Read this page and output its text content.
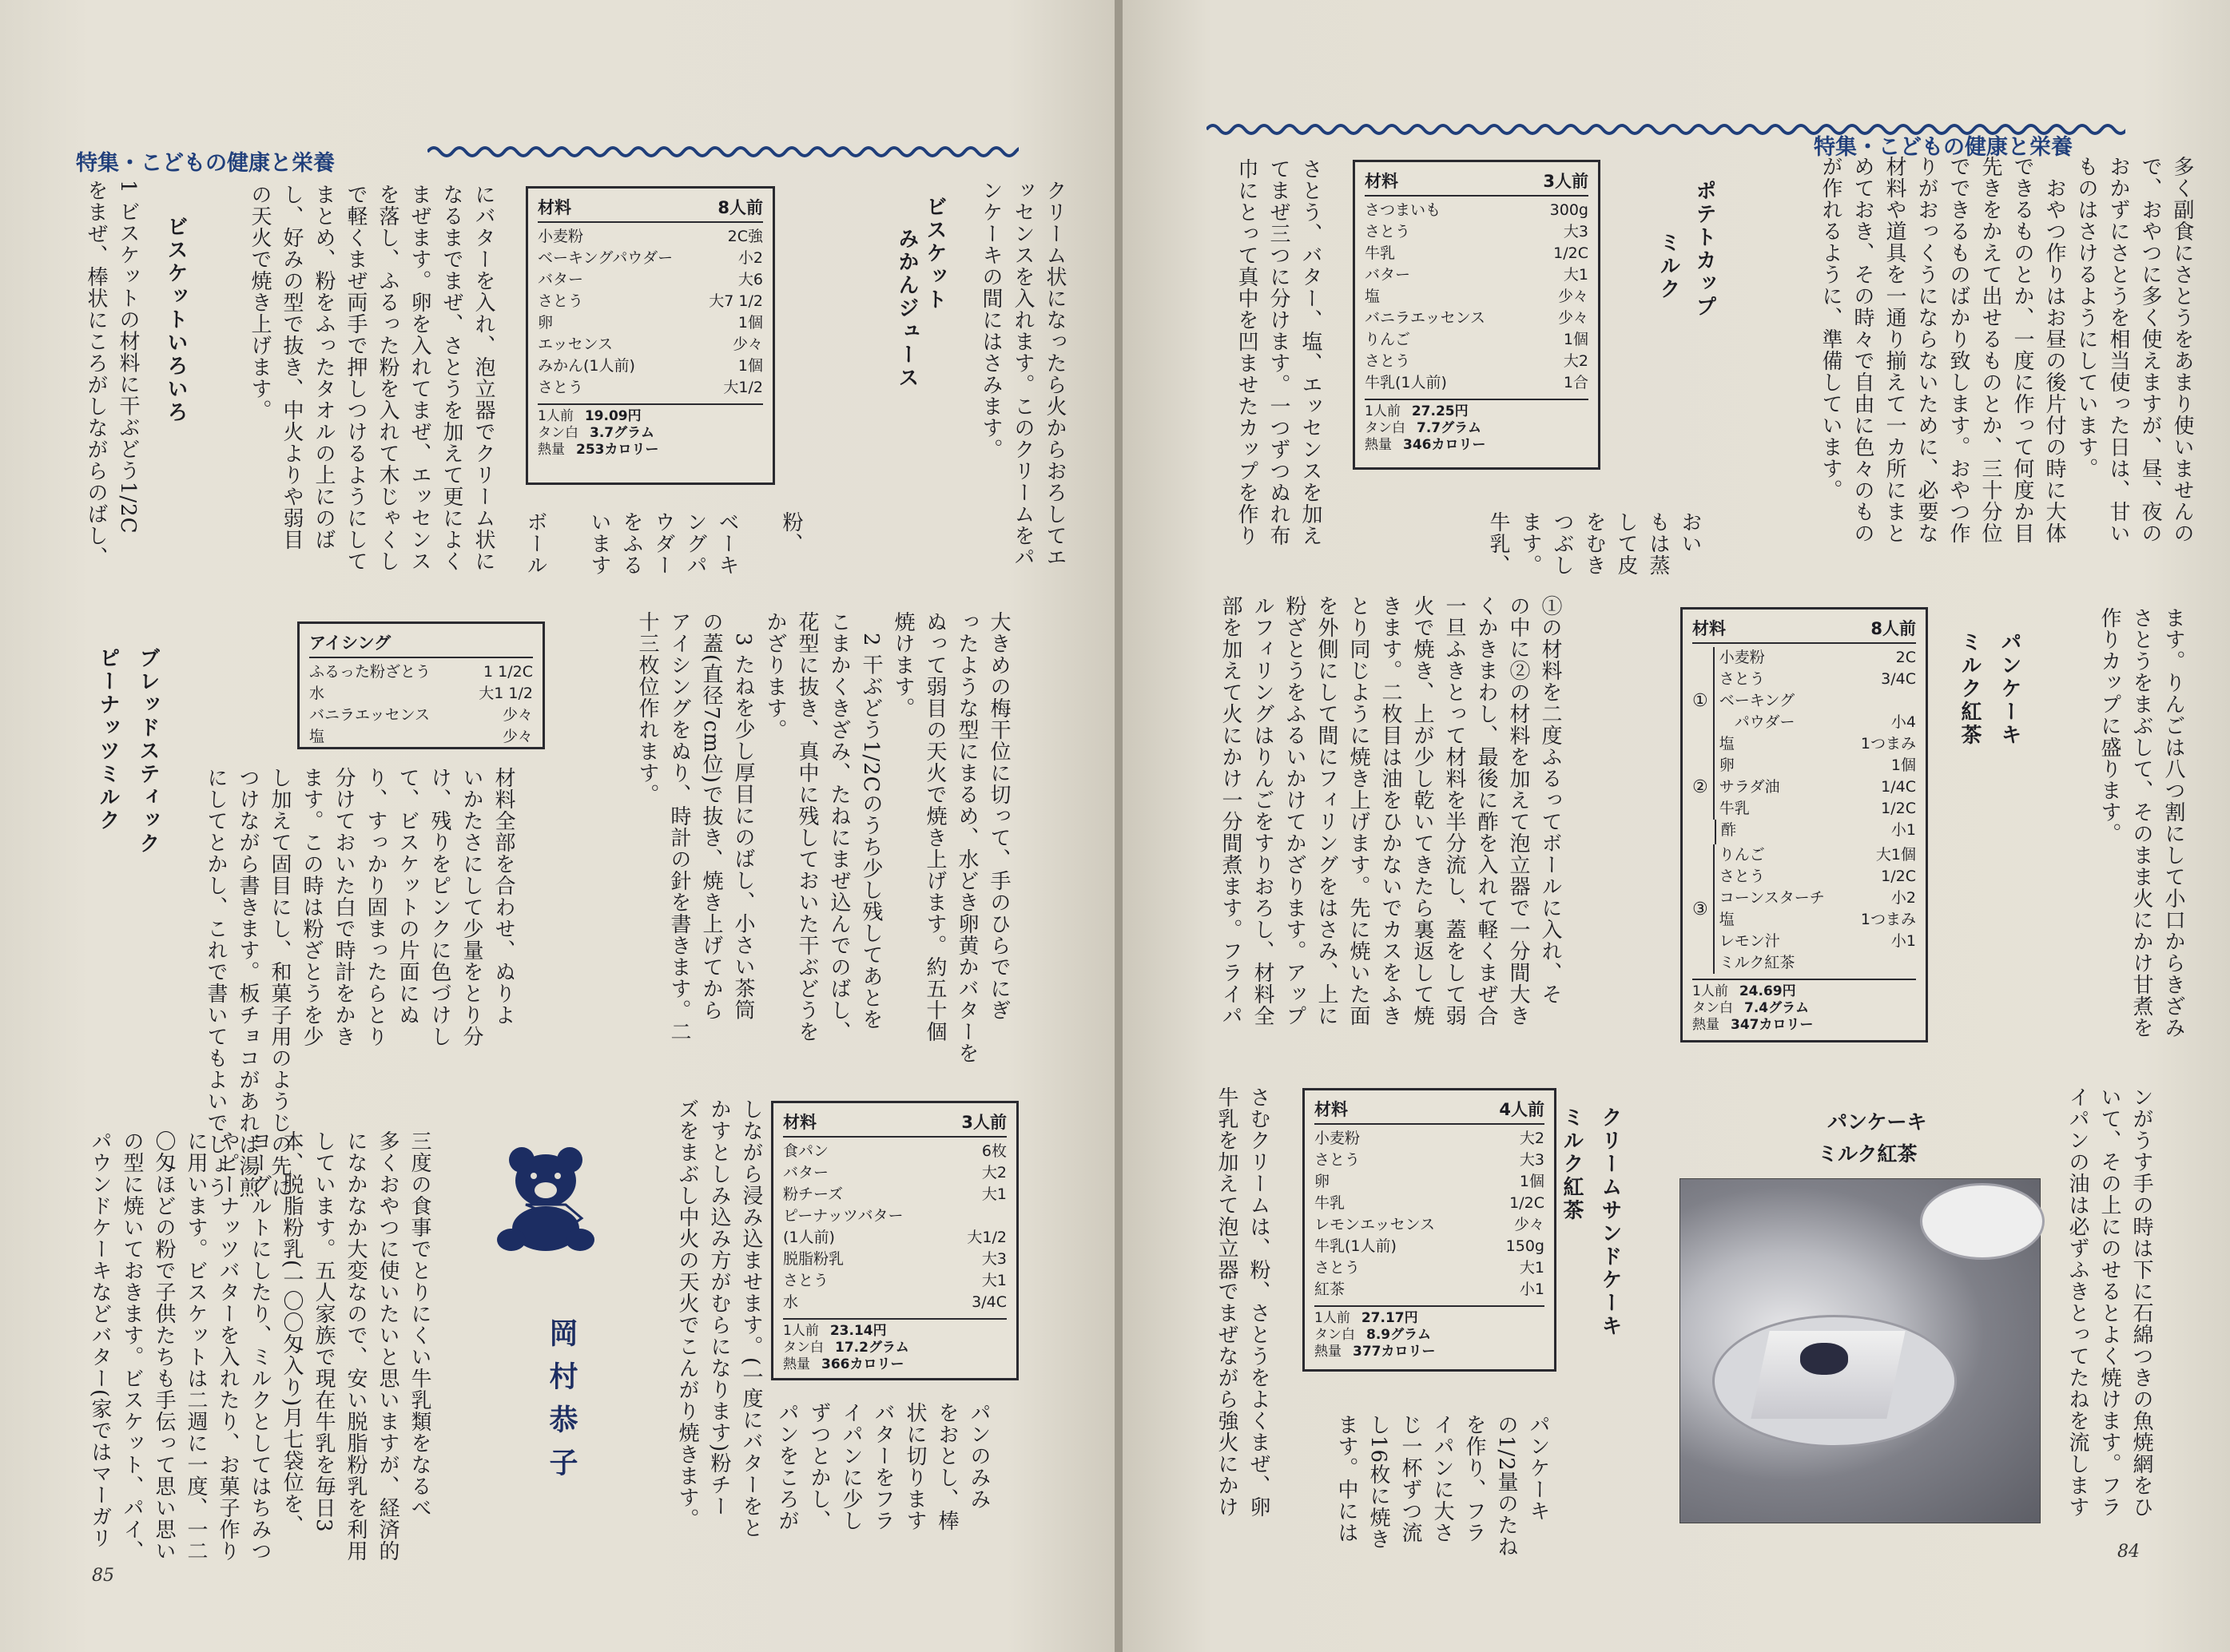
特集・こどもの健康と栄養
クリーム状になったら火からおろしてエ
ッセンスを入れます。このクリームをパ
ンケーキの間にはさみます。
ビスケット
みかんジュース
材料	8人前
小麦粉	2C強
ベーキングパウダー	小2
バター	大6
さとう	大7 1/2
卵	1個
エッセンス	少々
みかん(1人前)	1個
さとう	大1/2
1人前 19.09円
タン白 3.7グラム
熱量 253カロリー
粉、

ベーキ
ングパ
ウダー
をふる
います

ボール
にバターを入れ、泡立器でクリーム状に
なるまでまぜ、さとうを加えて更によく
まぜます。卵を入れてまぜ、エッセンス
を落し、ふるった粉を入れて木じゃくし
で軽くまぜ両手で押しつけるようにして
まとめ、粉をふったタオルの上にのば
し、好みの型で抜き、中火よりや弱目
の天火で焼き上げます。
ビスケットいろいろ
1 ビスケットの材料に干ぶどう1/2C
をまぜ、棒状にころがしながらのばし、
大きめの梅干位に切って、手のひらでにぎ
ったような型にまるめ、水どき卵黄かバターを
ぬって弱目の天火で焼き上げます。約五十個
焼けます。
　2 干ぶどう1/2Cのうち少し残してあとを
こまかくきざみ、たねにまぜ込んでのばし、
花型に抜き、真中に残しておいた干ぶどうを
かざります。
　3 たねを少し厚目にのばし、小さい茶筒
の蓋(直径7cm位)で抜き、焼き上げてから
アイシングをぬり、時計の針を書きます。二
十三枚位作れます。
アイシング
ふるった粉ざとう	1 1/2C
水	大1 1/2
バニラエッセンス	少々
塩	少々
材料全部を合わせ、ぬりよ
いかたさにして少量をとり分
け、残りをピンクに色づけし
て、ビスケットの片面にぬ
り、すっかり固まったらとり
分けておいた白で時計をかき
ます。この時は粉ざとうを少
し加えて固目にし、和菓子用のようじの先に
つけながら書きます。板チョコがあれば湯煎
にしてとかし、これで書いてもよいでしょう
ブレッドスティック
ピーナッツミルク
材料	3人前
食パン	6枚
バター	大2
粉チーズ	大1
ピーナッツバター
(1人前)	大1/2
脱脂粉乳	大3
さとう	大1
水	3/4C
1人前 23.14円
タン白 17.2グラム
熱量 366カロリー
パンのみみ
をおとし、棒
状に切ります
バターをフラ
イパンに少し
ずつとかし、
パンをころが
しながら浸み込ませます。(一度にバターをと
かすとしみ込み方がむらになります)粉チー
ズをまぶし中火の天火でこんがり焼きます。
岡村恭子
三度の食事でとりにくい牛乳類をなるべ
多くおやつに使いたいと思いますが、経済的
になかなか大変なので、安い脱脂粉乳を利用
しています。五人家族で現在牛乳を毎日3
本、脱脂粉乳(一〇〇匁入り)月七袋位を、
ヨーグルトにしたり、ミルクとしてはちみつ
やピーナッツバターを入れたり、お菓子作り
に用います。ビスケットは二週に一度、一二
〇匁ほどの粉で子供たちも手伝って思い思い
の型に焼いておきます。ビスケット、パイ、
パウンドケーキなどバター(家ではマーガリ
85
特集・こどもの健康と栄養
多く副食にさとうをあまり使いませんの
で、おやつに多く使えますが、昼、夜の
おかずにさとうを相当使った日は、甘い
ものはさけるようにしています。
　おやつ作りはお昼の後片付の時に大体
できるものとか、一度に作って何度か目
先きをかえて出せるものとか、三十分位
でできるものばかり致します。おやつ作
りがおっくうにならないために、必要な
材料や道具を一通り揃えて一カ所にまと
めておき、その時々で自由に色々のもの
が作れるように、準備しています。
ポテトカップ
ミルク
材料	3人前
さつまいも	300g
さとう	大3
牛乳	1/2C
バター	大1
塩	少々
バニラエッセンス	少々
りんご	1個
さとう	大2
牛乳(1人前)	1合
1人前 27.25円
タン白 7.7グラム
熱量 346カロリー
おい
もは蒸
して皮
をむき
つぶし
ます。
牛乳、
さとう、バター、塩、エッセンスを加え
てまぜ三つに分けます。一つずつぬれ布
巾にとって真中を凹ませたカップを作り
ます。りんごは八つ割にして小口からきざみ
さとうをまぶして、そのまま火にかけ甘煮を
作りカップに盛ります。
パンケーキ
ミルク紅茶
材料	8人前
①
小麦粉	2C
さとう	3/4C
ベーキング
　パウダー	小4
塩	1つまみ
②
卵	1個
サラダ油	1/4C
牛乳	1/2C

酢	小1
③
りんご	大1個
さとう	1/2C
コーンスターチ	小2
塩	1つまみ
レモン汁	小1
ミルク紅茶
1人前 24.69円
タン白 7.4グラム
熱量 347カロリー
①の材料を二度ふるってボールに入れ、そ
の中に②の材料を加えて泡立器で一分間大き
くかきまわし、最後に酢を入れて軽くまぜ合
一旦ふきとって材料を半分流し、蓋をして弱
火で焼き、上が少し乾いてきたら裏返して焼
きます。二枚目は油をひかないでカスをふき
とり同じように焼き上げます。先に焼いた面
を外側にして間にフィリングをはさみ、上に
粉ざとうをふるいかけてかざります。アップ
ルフィリングはりんごをすりおろし、材料全
部を加えて火にかけ一分間煮ます。フライパ
ンがうす手の時は下に石綿つきの魚焼網をひ
いて、その上にのせるとよく焼けます。フラ
イパンの油は必ずふきとってたねを流します
パンケーキ
ミルク紅茶
クリームサンドケーキ
ミルク紅茶
材料	4人前
小麦粉	大2
さとう	大3
卵	1個
牛乳	1/2C
レモンエッセンス	少々
牛乳(1人前)	150g
さとう	大1
紅茶	小1
1人前 27.17円
タン白 8.9グラム
熱量 377カロリー
パンケーキ
の1/2量のたね
を作り、フラ
イパンに大さ
じ一杯ずつ流
し16枚に焼き
ます。中には
さむクリームは、粉、さとうをよくまぜ、卵
牛乳を加えて泡立器でまぜながら強火にかけ
84
